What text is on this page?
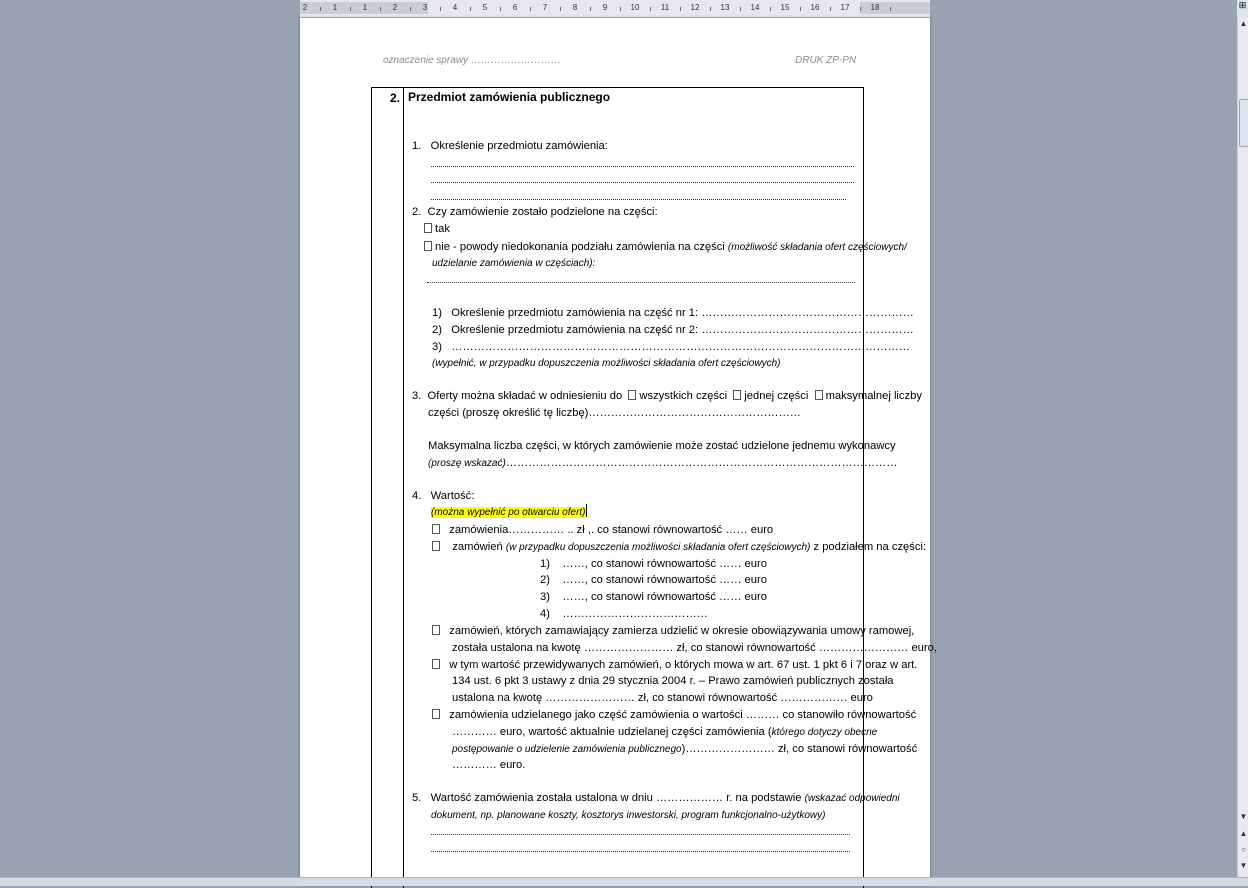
2	1	1	2	3	4	5	6	7	8	9	10	11	12	13	14	15	16	17	18	⊞
oznaczenie sprawy ………………………	DRUK ZP-PN
2. Przedmiot zamówienia publicznego
1.   Określenie przedmiotu zamówienia:
2.  Czy zamówienie zostało podzielone na części:
tak
nie - powody niedokonania podziału zamówienia na części (możliwość składania ofert częściowych/
udzielanie zamówienia w częściach):
1)   Określenie przedmiotu zamówienia na część nr 1: …………………………………………………
2)   Określenie przedmiotu zamówienia na część nr 2: …………………………………………………
3)   ……………………………………………………………………………………………………………
(wypełnić, w przypadku dopuszczenia możliwości składania ofert częściowych)
3.  Oferty można składać w odniesieniu do wszystkich części jednej części maksymalnej liczby
części (proszę określić tę liczbę)…………………………………………………
Maksymalna liczba części, w których zamówienie może zostać udzielone jednemu wykonawcy
(proszę wskazać)……………………………………………………………………………………………
4.   Wartość:
(można wypełnić po otwarciu ofert)
zamówienia…………… .. zł ,. co stanowi równowartość …… euro
zamówień (w przypadku dopuszczenia możliwości składania ofert częściowych) z podziałem na części:
1)    ……, co stanowi równowartość …… euro
2)    ……, co stanowi równowartość …… euro
3)    ……, co stanowi równowartość …… euro
4)    …………………………………
zamówień, których zamawiający zamierza udzielić w okresie obowiązywania umowy ramowej,
została ustalona na kwotę …………………… zł, co stanowi równowartość …………………… euro,
w tym wartość przewidywanych zamówień, o których mowa w art. 67 ust. 1 pkt 6 i 7 oraz w art.
134 ust. 6 pkt 3 ustawy z dnia 29 stycznia 2004 r. – Prawo zamówień publicznych została
ustalona na kwotę …………………… zł, co stanowi równowartość ……………… euro
zamówienia udzielanego jako część zamówienia o wartości ……… co stanowiło równowartość
………… euro, wartość aktualnie udzielanej części zamówienia (którego dotyczy obecne
postępowanie o udzielenie zamówienia publicznego)…………………… zł, co stanowi równowartość
………… euro.
5.   Wartość zamówienia została ustalona w dniu ……………… r. na podstawie (wskazać odpowiedni
dokument, np. planowane koszty, kosztorys inwestorski, program funkcjonalno-użytkowy)
▲
▼
▲
○
▼
